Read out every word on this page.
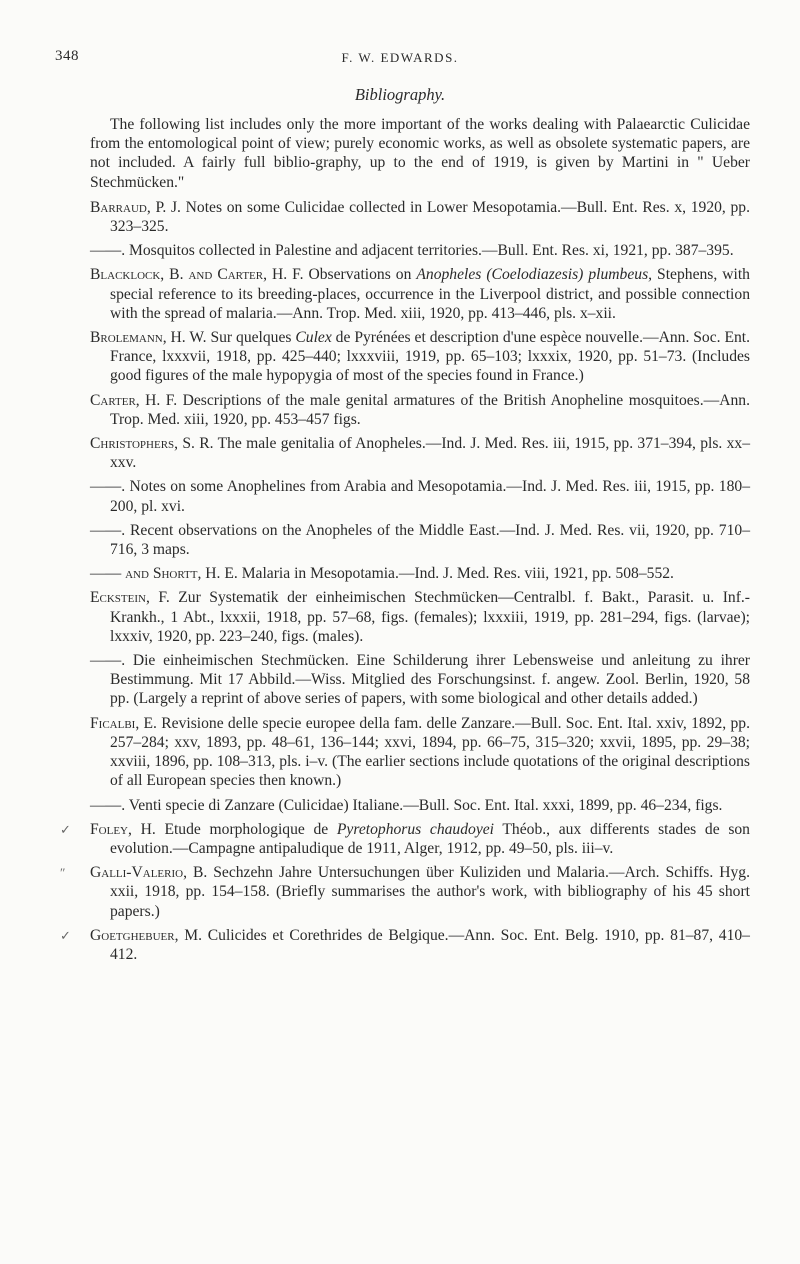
348	F. W. EDWARDS.
Bibliography.

The following list includes only the more important of the works dealing with Palaearctic Culicidae from the entomological point of view; purely economic works, as well as obsolete systematic papers, are not included. A fairly full biblio-graphy, up to the end of 1919, is given by Martini in " Ueber Stechmücken."

Barraud, P. J. Notes on some Culicidae collected in Lower Mesopotamia.—Bull. Ent. Res. x, 1920, pp. 323–325.

——. Mosquitos collected in Palestine and adjacent territories.—Bull. Ent. Res. xi, 1921, pp. 387–395.

Blacklock, B. and Carter, H. F. Observations on Anopheles (Coelodiazesis) plumbeus, Stephens, with special reference to its breeding-places, occurrence in the Liverpool district, and possible connection with the spread of malaria.—Ann. Trop. Med. xiii, 1920, pp. 413–446, pls. x–xii.

Brolemann, H. W. Sur quelques Culex de Pyrénées et description d'une espèce nouvelle.—Ann. Soc. Ent. France, lxxxvii, 1918, pp. 425–440; lxxxviii, 1919, pp. 65–103; lxxxix, 1920, pp. 51–73. (Includes good figures of the male hypopygia of most of the species found in France.)

Carter, H. F. Descriptions of the male genital armatures of the British Anopheline mosquitoes.—Ann. Trop. Med. xiii, 1920, pp. 453–457 figs.

Christophers, S. R. The male genitalia of Anopheles.—Ind. J. Med. Res. iii, 1915, pp. 371–394, pls. xx–xxv.

——. Notes on some Anophelines from Arabia and Mesopotamia.—Ind. J. Med. Res. iii, 1915, pp. 180–200, pl. xvi.

——. Recent observations on the Anopheles of the Middle East.—Ind. J. Med. Res. vii, 1920, pp. 710–716, 3 maps.

—— and Shortt, H. E. Malaria in Mesopotamia.—Ind. J. Med. Res. viii, 1921, pp. 508–552.

Eckstein, F. Zur Systematik der einheimischen Stechmücken—Centralbl. f. Bakt., Parasit. u. Inf.-Krankh., 1 Abt., lxxxii, 1918, pp. 57–68, figs. (females); lxxxiii, 1919, pp. 281–294, figs. (larvae); lxxxiv, 1920, pp. 223–240, figs. (males).

——. Die einheimischen Stechmücken. Eine Schilderung ihrer Lebensweise und anleitung zu ihrer Bestimmung. Mit 17 Abbild.—Wiss. Mitglied des Forschungsinst. f. angew. Zool. Berlin, 1920, 58 pp. (Largely a reprint of above series of papers, with some biological and other details added.)

Ficalbi, E. Revisione delle specie europee della fam. delle Zanzare.—Bull. Soc. Ent. Ital. xxiv, 1892, pp. 257–284; xxv, 1893, pp. 48–61, 136–144; xxvi, 1894, pp. 66–75, 315–320; xxvii, 1895, pp. 29–38; xxviii, 1896, pp. 108–313, pls. i–v. (The earlier sections include quotations of the original descriptions of all European species then known.)

——. Venti specie di Zanzare (Culicidae) Italiane.—Bull. Soc. Ent. Ital. xxxi, 1899, pp. 46–234, figs.

✓ Foley, H. Etude morphologique de Pyretophorus chaudoyei Théob., aux differents stades de son evolution.—Campagne antipaludique de 1911, Alger, 1912, pp. 49–50, pls. iii–v.

″ Galli-Valerio, B. Sechzehn Jahre Untersuchungen über Kuliziden und Malaria.—Arch. Schiffs. Hyg. xxii, 1918, pp. 154–158. (Briefly summarises the author's work, with bibliography of his 45 short papers.)

✓ Goetghebuer, M. Culicides et Corethrides de Belgique.—Ann. Soc. Ent. Belg. 1910, pp. 81–87, 410–412.
